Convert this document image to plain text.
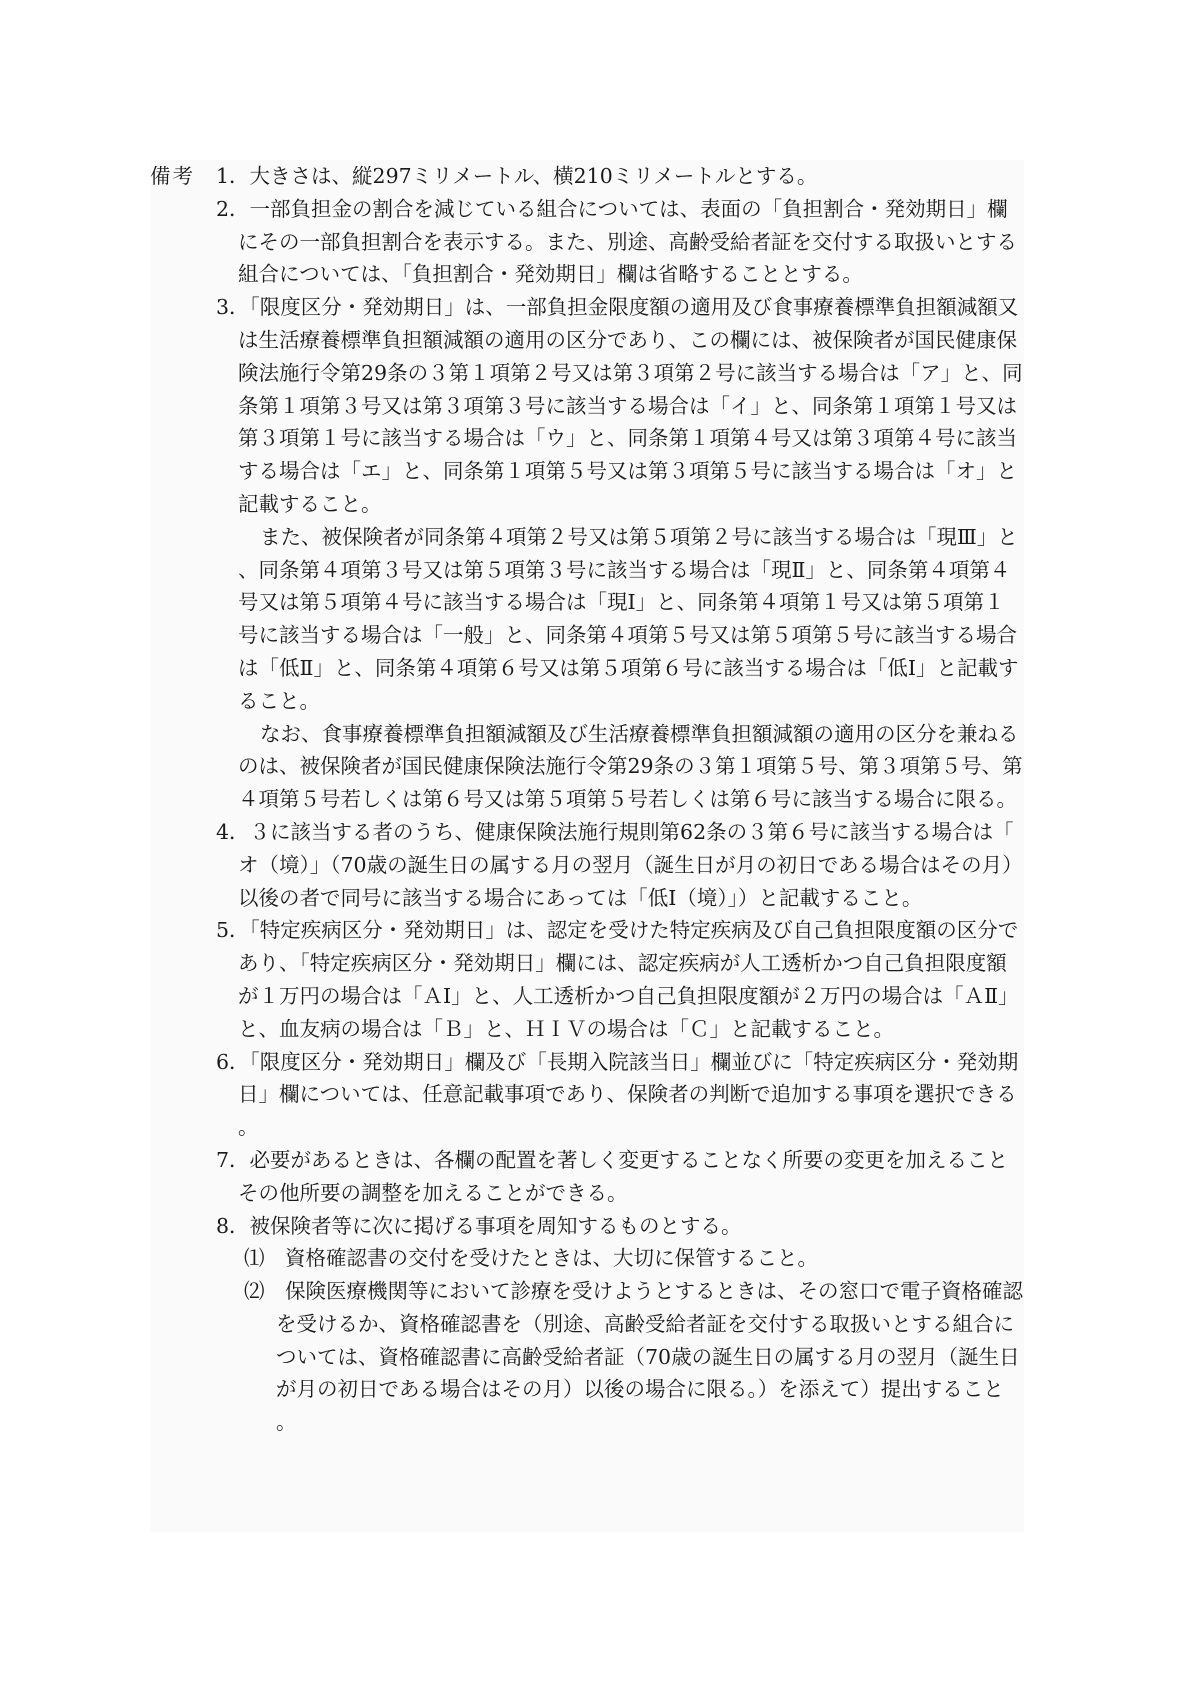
備考 1．大きさは、縦297ミリメートル、横210ミリメートルとする。

2．一部負担金の割合を減じている組合については、表面の「負担割合・発効期日」欄にその一部負担割合を表示する。また、別途、高齢受給者証を交付する取扱いとする組合については、「負担割合・発効期日」欄は省略することとする。

3．「限度区分・発効期日」は、一部負担金限度額の適用及び食事療養標準負担額減額又は生活療養標準負担額減額の適用の区分であり、この欄には、被保険者が国民健康保険法施行令第29条の３第１項第２号又は第３項第２号に該当する場合は「ア」と、同条第１項第３号又は第３項第３号に該当する場合は「イ」と、同条第１項第１号又は第３項第１号に該当する場合は「ウ」と、同条第１項第４号又は第３項第４号に該当する場合は「エ」と、同条第１項第５号又は第３項第５号に該当する場合は「オ」と記載すること。

また、被保険者が同条第４項第２号又は第５項第２号に該当する場合は「現Ⅲ」と、同条第４項第３号又は第５項第３号に該当する場合は「現Ⅱ」と、同条第４項第４号又は第５項第４号に該当する場合は「現Ⅰ」と、同条第４項第１号又は第５項第１号に該当する場合は「一般」と、同条第４項第５号又は第５項第５号に該当する場合は「低Ⅱ」と、同条第４項第６号又は第５項第６号に該当する場合は「低Ⅰ」と記載すること。

なお、食事療養標準負担額減額及び生活療養標準負担額減額の適用の区分を兼ねるのは、被保険者が国民健康保険法施行令第29条の３第１項第５号、第３項第５号、第４項第５号若しくは第６号又は第５項第５号若しくは第６号に該当する場合に限る。

4．３に該当する者のうち、健康保険法施行規則第62条の３第６号に該当する場合は「オ（境）」（70歳の誕生日の属する月の翌月（誕生日が月の初日である場合はその月）以後の者で同号に該当する場合にあっては「低Ⅰ（境）」）と記載すること。

5．「特定疾病区分・発効期日」は、認定を受けた特定疾病及び自己負担限度額の区分であり、「特定疾病区分・発効期日」欄には、認定疾病が人工透析かつ自己負担限度額が１万円の場合は「ＡⅠ」と、人工透析かつ自己負担限度額が２万円の場合は「ＡⅡ」と、血友病の場合は「Ｂ」と、ＨＩＶの場合は「Ｃ」と記載すること。

6．「限度区分・発効期日」欄及び「長期入院該当日」欄並びに「特定疾病区分・発効期日」欄については、任意記載事項であり、保険者の判断で追加する事項を選択できる。

7．必要があるときは、各欄の配置を著しく変更することなく所要の変更を加えることその他所要の調整を加えることができる。

8．被保険者等に次に掲げる事項を周知するものとする。

⑴　資格確認書の交付を受けたときは、大切に保管すること。

⑵　保険医療機関等において診療を受けようとするときは、その窓口で電子資格確認を受けるか、資格確認書を（別途、高齢受給者証を交付する取扱いとする組合については、資格確認書に高齢受給者証（70歳の誕生日の属する月の翌月（誕生日が月の初日である場合はその月）以後の場合に限る。）を添えて）提出すること。
